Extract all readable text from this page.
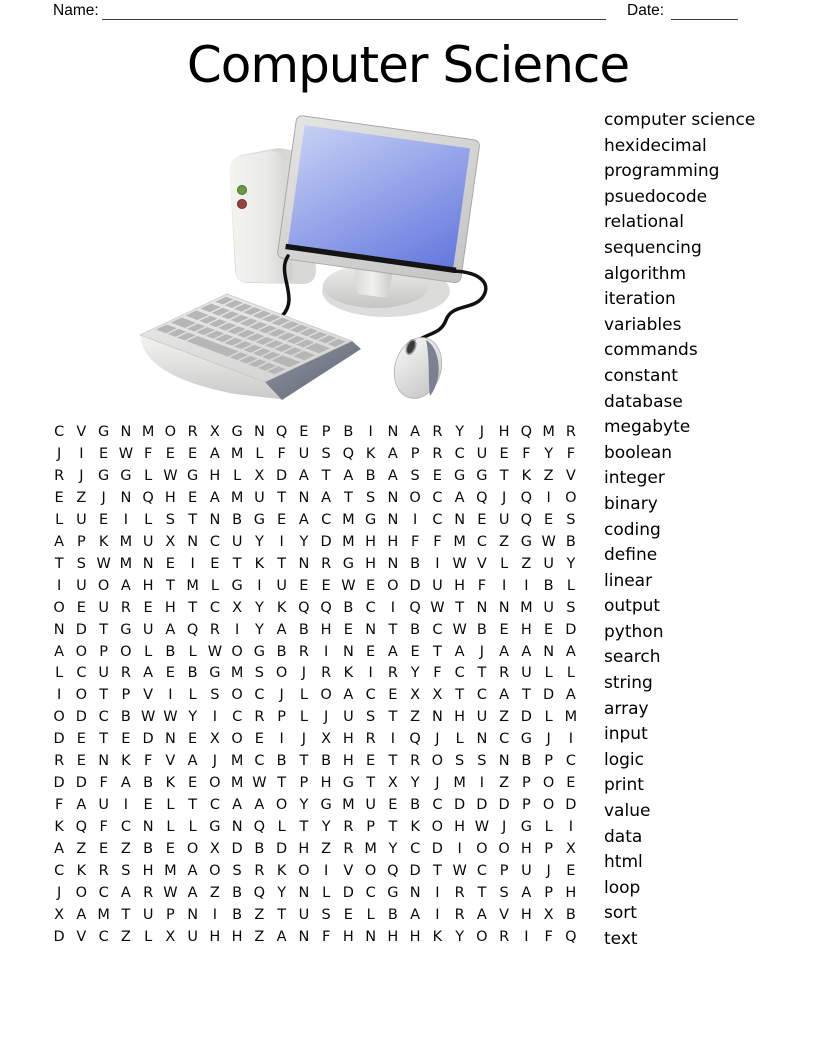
Name:	Date:
Computer Science
computer science
hexidecimal
programming
psuedocode
relational
sequencing
algorithm
iteration
variables
commands
constant
database
megabyte
boolean
integer
binary
coding
define
linear
output
python
search
string
array
input
logic
print
value
data
html
loop
sort
text
C V G N M O R X G N Q E P B	I	N A R Y	J	H Q M R
J	I	E W F E E A M L F U S Q K A P R C U E F Y F
R	J G G L W G H L X D A T A B A S E G G T K Z V
E Z	J	N Q H E A M U T N A T S N O C A Q J Q I O
L U E	I	L S T N B G E A C M G N	I	C N E U Q E S
A P K M U X N C U Y	I	Y D M H H F F M C Z G W B
T S W M N E	I	E T K T N R G H N B	I W V L Z U Y
I	U O A H T M L G I	U E E W E O D U H F	I	I	B L
O E U R E H T C X Y K Q Q B C	I Q W T N N M U S
N D T G U A Q R	I	Y A B H E N T B C W B E H E D
A O P O L B L W O G B R	I	N E A E T A	J	A A N A
L C U R A E B G M S O J	R K	I	R Y F C T R U L L
I O T P V	I	L S O C	J	L O A C E X X T C A T D A
O D C B W W Y	I	C R P L	J	U S T Z N H U Z D L M
D E T E D N E X O E	I	J	X H R	I Q J	L N C G J	I
R E N K F V A	J M C B T B H E T R O S S N B P C
D D F A B K E O M W T P H G T X Y	J M I	Z P O E
F A U	I	E L T C A A O Y G M U E B C D D D P O D
K Q F C N L L G N Q L T Y R P T K O H W J G L	I
A Z E Z B E O X D B D H Z R M Y C D	I O O H P X
C K R S H M A O S R K O I	V O Q D T W C P U	J	E
J O C A R W A Z B Q Y N L D C G N	I	R T S A P H
X A M T U P N	I	B Z T U S E L B A	I	R A V H X B
D V C Z L X U H H Z A N F H N H H K Y O R	I	F Q
